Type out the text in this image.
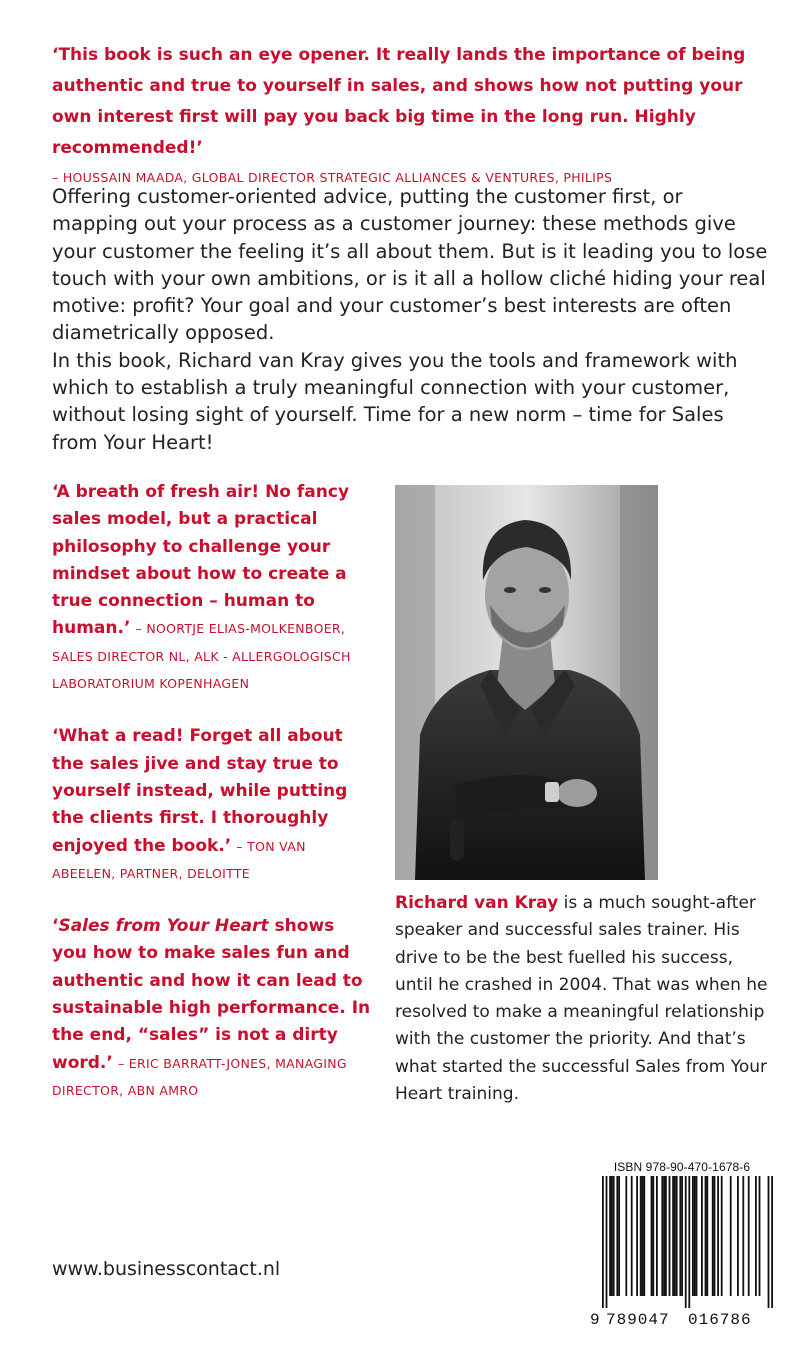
‘This book is such an eye opener. It really lands the importance of being authentic and true to yourself in sales, and shows how not putting your own interest first will pay you back big time in the long run. Highly recommended!’

– HOUSSAIN MAADA, GLOBAL DIRECTOR STRATEGIC ALLIANCES & VENTURES, PHILIPS

Offering customer-oriented advice, putting the customer first, or mapping out your process as a customer journey: these methods give your customer the feeling it’s all about them. But is it leading you to lose touch with your own ambitions, or is it all a hollow cliché hiding your real motive: profit? Your goal and your customer’s best interests are often diametrically opposed.

In this book, Richard van Kray gives you the tools and framework with which to establish a truly meaningful connection with your customer, without losing sight of yourself. Time for a new norm – time for Sales from Your Heart!

‘A breath of fresh air! No fancy sales model, but a practical philosophy to challenge your mindset about how to create a true connection – human to human.’ – NOORTJE ELIAS-MOLKENBOER, SALES DIRECTOR NL, ALK - ALLERGOLOGISCH LABORATORIUM KOPENHAGEN
‘What a read! Forget all about the sales jive and stay true to yourself instead, while putting the clients first. I thoroughly enjoyed the book.’ – TON VAN ABEELEN, PARTNER, DELOITTE
‘Sales from Your Heart shows you how to make sales fun and authentic and how it can lead to sustainable high performance. In the end, “sales” is not a dirty word.’ – ERIC BARRATT-JONES, MANAGING DIRECTOR, ABN AMRO
Richard van Kray is a much sought-after speaker and successful sales trainer. His drive to be the best fuelled his success, until he crashed in 2004. That was when he resolved to make a meaningful relationship with the customer the priority. And that’s what started the successful Sales from Your Heart training.
www.businesscontact.nl
ISBN 978-90-470-1678-6
9 789047 016786
